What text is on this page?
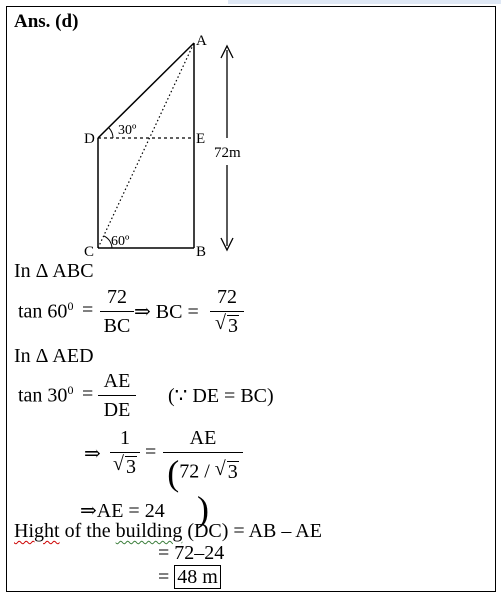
Ans. (d)
A
E
B
D
C
30º
60º
72m
In Δ ABC
$\tan 60^0$ =
72
BC
⇒ BC =
72
√ 3
In Δ AED
$\tan 30^0$ =
AE
DE
(∵ DE = BC)
⇒
1
√ 3
=
AE
(72 / √ 3)
⇒AE = 24
Hight of the building (DC) = AB – AE
= 72–24
= 48 m
